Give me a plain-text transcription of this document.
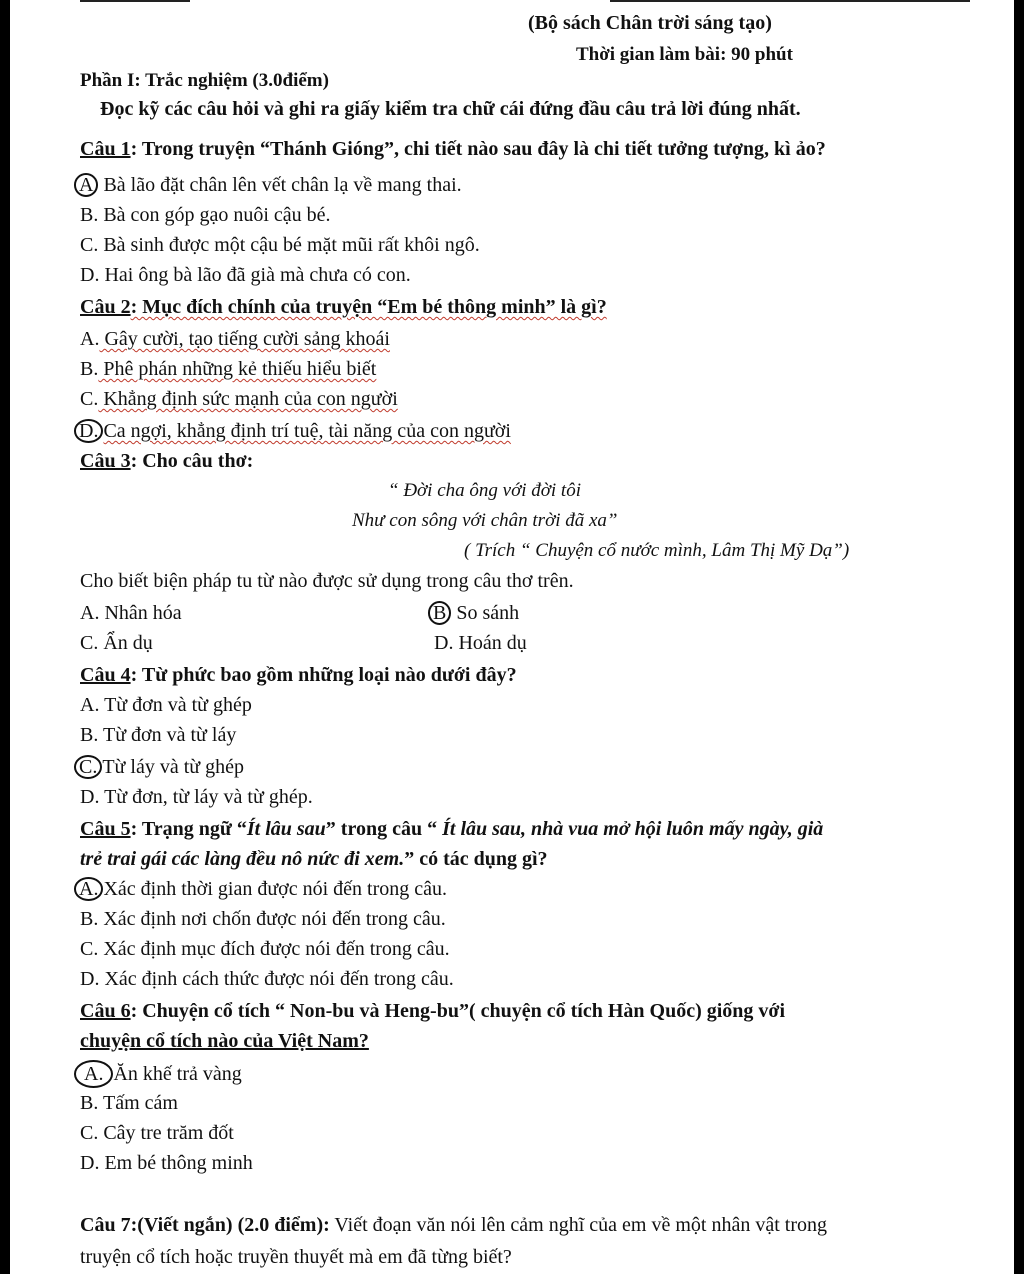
(Bộ sách Chân trời sáng tạo)
Thời gian làm bài: 90 phút
Phần I: Trắc nghiệm (3.0điểm)
Đọc kỹ các câu hỏi và ghi ra giấy kiểm tra chữ cái đứng đầu câu trả lời đúng nhất.
Câu 1: Trong truyện “Thánh Gióng”, chi tiết nào sau đây là chi tiết tưởng tượng, kì ảo?
A Bà lão đặt chân lên vết chân lạ về mang thai.
B. Bà con góp gạo nuôi cậu bé.
C. Bà sinh được một cậu bé mặt mũi rất khôi ngô.
D. Hai ông bà lão đã già mà chưa có con.
Câu 2: Mục đích chính của truyện “Em bé thông minh” là gì?
A. Gây cười, tạo tiếng cười sảng khoái
B. Phê phán những kẻ thiếu hiểu biết
C. Khẳng định sức mạnh của con người
D. Ca ngợi, khẳng định trí tuệ, tài năng của con người
Câu 3: Cho câu thơ:
“ Đời cha ông với đời tôi
Như con sông với chân trời đã xa”
( Trích “ Chuyện cổ nước mình, Lâm Thị Mỹ Dạ”)
Cho biết biện pháp tu từ nào được sử dụng trong câu thơ trên.
A. Nhân hóa	B So sánh
C. Ẩn dụ	D. Hoán dụ
Câu 4: Từ phức bao gồm những loại nào dưới đây?
A. Từ đơn và từ ghép
B. Từ đơn và từ láy
C. Từ láy và từ ghép
D. Từ đơn, từ láy và từ ghép.
Câu 5: Trạng ngữ “Ít lâu sau” trong câu “ Ít lâu sau, nhà vua mở hội luôn mấy ngày, già
trẻ trai gái các làng đều nô nức đi xem.” có tác dụng gì?
A. Xác định thời gian được nói đến trong câu.
B. Xác định nơi chốn được nói đến trong câu.
C. Xác định mục đích được nói đến trong câu.
D. Xác định cách thức được nói đến trong câu.
Câu 6: Chuyện cổ tích “ Non-bu và Heng-bu”( chuyện cổ tích Hàn Quốc) giống với
chuyện cổ tích nào của Việt Nam?
A. Ăn khế trả vàng
B. Tấm cám
C. Cây tre trăm đốt
D. Em bé thông minh
Câu 7:(Viết ngắn) (2.0 điểm): Viết đoạn văn nói lên cảm nghĩ của em về một nhân vật trong
truyện cổ tích hoặc truyền thuyết mà em đã từng biết?
